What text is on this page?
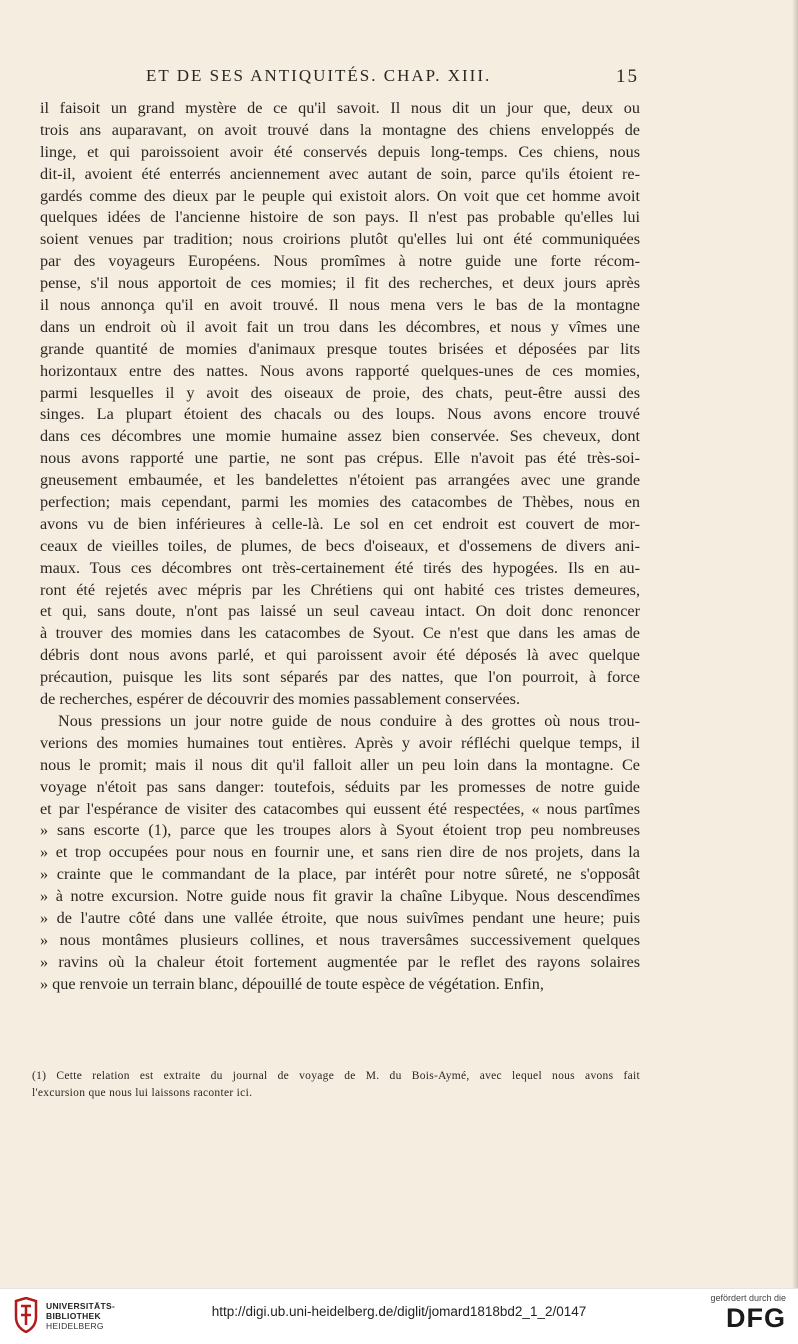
ET DE SES ANTIQUITÉS. CHAP. XIII.	15
il faisoit un grand mystère de ce qu'il savoit. Il nous dit un jour que, deux ou
trois ans auparavant, on avoit trouvé dans la montagne des chiens enveloppés de
linge, et qui paroissoient avoir été conservés depuis long-temps. Ces chiens, nous
dit-il, avoient été enterrés anciennement avec autant de soin, parce qu'ils étoient re-
gardés comme des dieux par le peuple qui existoit alors. On voit que cet homme avoit
quelques idées de l'ancienne histoire de son pays. Il n'est pas probable qu'elles lui
soient venues par tradition; nous croirions plutôt qu'elles lui ont été communiquées
par des voyageurs Européens. Nous promîmes à notre guide une forte récom-
pense, s'il nous apportoit de ces momies; il fit des recherches, et deux jours après
il nous annonça qu'il en avoit trouvé. Il nous mena vers le bas de la montagne
dans un endroit où il avoit fait un trou dans les décombres, et nous y vîmes une
grande quantité de momies d'animaux presque toutes brisées et déposées par lits
horizontaux entre des nattes. Nous avons rapporté quelques-unes de ces momies,
parmi lesquelles il y avoit des oiseaux de proie, des chats, peut-être aussi des
singes. La plupart étoient des chacals ou des loups. Nous avons encore trouvé
dans ces décombres une momie humaine assez bien conservée. Ses cheveux, dont
nous avons rapporté une partie, ne sont pas crépus. Elle n'avoit pas été très-soi-
gneusement embaumée, et les bandelettes n'étoient pas arrangées avec une grande
perfection; mais cependant, parmi les momies des catacombes de Thèbes, nous en
avons vu de bien inférieures à celle-là. Le sol en cet endroit est couvert de mor-
ceaux de vieilles toiles, de plumes, de becs d'oiseaux, et d'ossemens de divers ani-
maux. Tous ces décombres ont très-certainement été tirés des hypogées. Ils en au-
ront été rejetés avec mépris par les Chrétiens qui ont habité ces tristes demeures,
et qui, sans doute, n'ont pas laissé un seul caveau intact. On doit donc renoncer
à trouver des momies dans les catacombes de Syout. Ce n'est que dans les amas de
débris dont nous avons parlé, et qui paroissent avoir été déposés là avec quelque
précaution, puisque les lits sont séparés par des nattes, que l'on pourroit, à force
de recherches, espérer de découvrir des momies passablement conservées.
Nous pressions un jour notre guide de nous conduire à des grottes où nous trou-
verions des momies humaines tout entières. Après y avoir réfléchi quelque temps, il
nous le promit; mais il nous dit qu'il falloit aller un peu loin dans la montagne. Ce
voyage n'étoit pas sans danger: toutefois, séduits par les promesses de notre guide
et par l'espérance de visiter des catacombes qui eussent été respectées, « nous partîmes
» sans escorte (1), parce que les troupes alors à Syout étoient trop peu nombreuses
» et trop occupées pour nous en fournir une, et sans rien dire de nos projets, dans la
» crainte que le commandant de la place, par intérêt pour notre sûreté, ne s'opposât
» à notre excursion. Notre guide nous fit gravir la chaîne Libyque. Nous descendîmes
» de l'autre côté dans une vallée étroite, que nous suivîmes pendant une heure; puis
» nous montâmes plusieurs collines, et nous traversâmes successivement quelques
» ravins où la chaleur étoit fortement augmentée par le reflet des rayons solaires
» que renvoie un terrain blanc, dépouillé de toute espèce de végétation. Enfin,
(1) Cette relation est extraite du journal de voyage de M. du Bois-Aymé, avec lequel nous avons fait
l'excursion que nous lui laissons raconter ici.
UNIVERSITÄTS-
BIBLIOTHEK
HEIDELBERG
http://digi.ub.uni-heidelberg.de/diglit/jomard1818bd2_1_2/0147
gefördert durch die
DFG
